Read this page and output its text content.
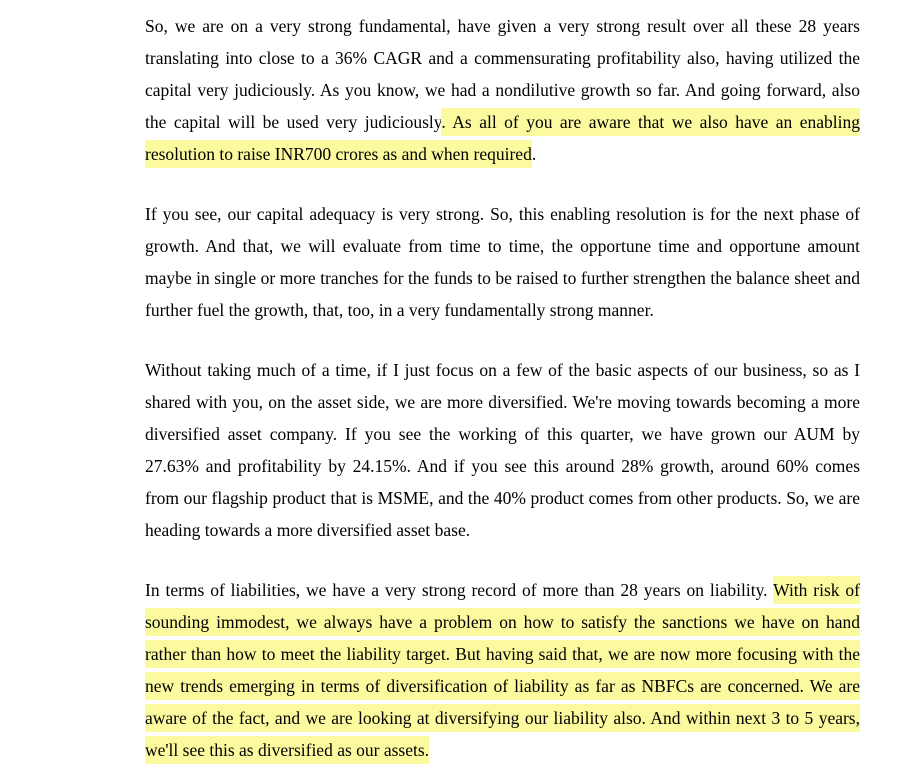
So, we are on a very strong fundamental, have given a very strong result over all these 28 years translating into close to a 36% CAGR and a commensurating profitability also, having utilized the capital very judiciously. As you know, we had a nondilutive growth so far. And going forward, also the capital will be used very judiciously. As all of you are aware that we also have an enabling resolution to raise INR700 crores as and when required.

If you see, our capital adequacy is very strong. So, this enabling resolution is for the next phase of growth. And that, we will evaluate from time to time, the opportune time and opportune amount maybe in single or more tranches for the funds to be raised to further strengthen the balance sheet and further fuel the growth, that, too, in a very fundamentally strong manner.

Without taking much of a time, if I just focus on a few of the basic aspects of our business, so as I shared with you, on the asset side, we are more diversified. We're moving towards becoming a more diversified asset company. If you see the working of this quarter, we have grown our AUM by 27.63% and profitability by 24.15%. And if you see this around 28% growth, around 60% comes from our flagship product that is MSME, and the 40% product comes from other products. So, we are heading towards a more diversified asset base.

In terms of liabilities, we have a very strong record of more than 28 years on liability. With risk of sounding immodest, we always have a problem on how to satisfy the sanctions we have on hand rather than how to meet the liability target. But having said that, we are now more focusing with the new trends emerging in terms of diversification of liability as far as NBFCs are concerned. We are aware of the fact, and we are looking at diversifying our liability also. And within next 3 to 5 years, we'll see this as diversified as our assets.
